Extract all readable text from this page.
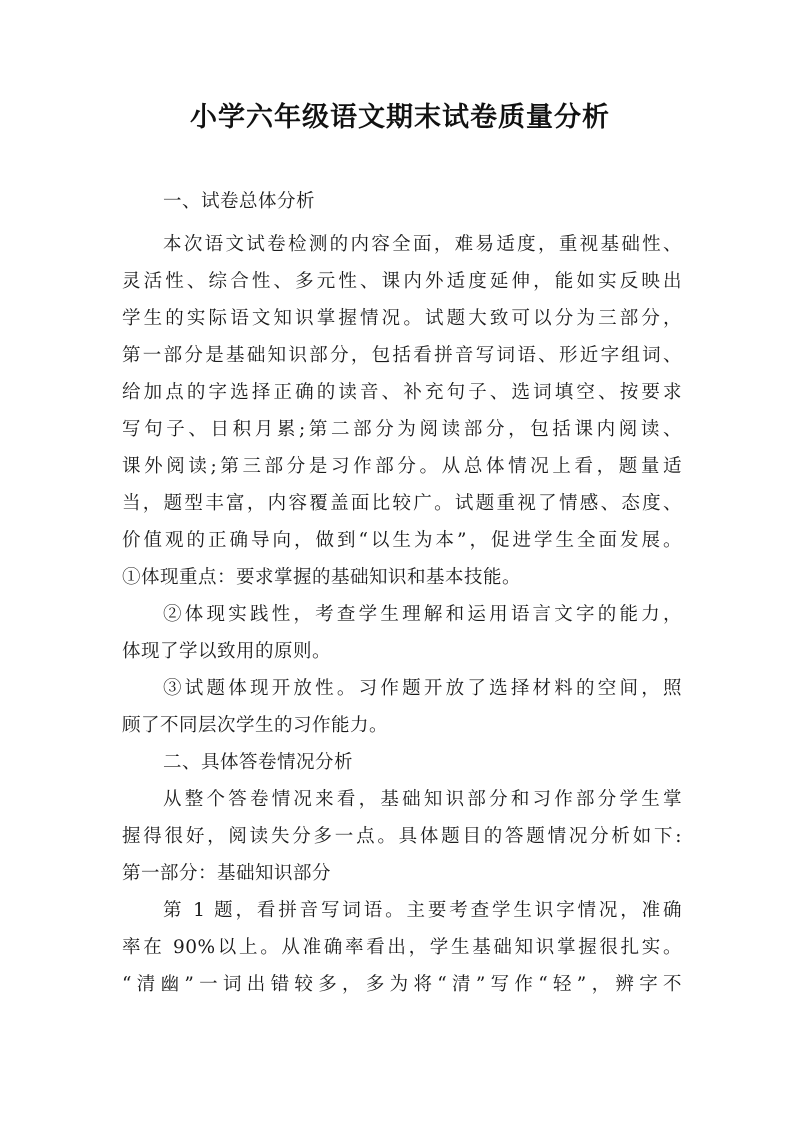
小学六年级语文期末试卷质量分析
一、试卷总体分析
本次语文试卷检测的内容全面，难易适度，重视基础性、
灵活性、综合性、多元性、课内外适度延伸，能如实反映出
学生的实际语文知识掌握情况。试题大致可以分为三部分，
第一部分是基础知识部分，包括看拼音写词语、形近字组词、
给加点的字选择正确的读音、补充句子、选词填空、按要求
写句子、日积月累;第二部分为阅读部分，包括课内阅读、
课外阅读;第三部分是习作部分。从总体情况上看，题量适
当，题型丰富，内容覆盖面比较广。试题重视了情感、态度、
价值观的正确导向，做到“以生为本”，促进学生全面发展。
①体现重点：要求掌握的基础知识和基本技能。
②体现实践性，考查学生理解和运用语言文字的能力，
体现了学以致用的原则。
③试题体现开放性。习作题开放了选择材料的空间，照
顾了不同层次学生的习作能力。
二、具体答卷情况分析
从整个答卷情况来看，基础知识部分和习作部分学生掌
握得很好，阅读失分多一点。具体题目的答题情况分析如下:
第一部分：基础知识部分
第 1 题，看拼音写词语。主要考查学生识字情况，准确
率在 90%以上。从准确率看出，学生基础知识掌握很扎实。
“清幽”一词出错较多，多为将“清”写作“轻”，辨字不
